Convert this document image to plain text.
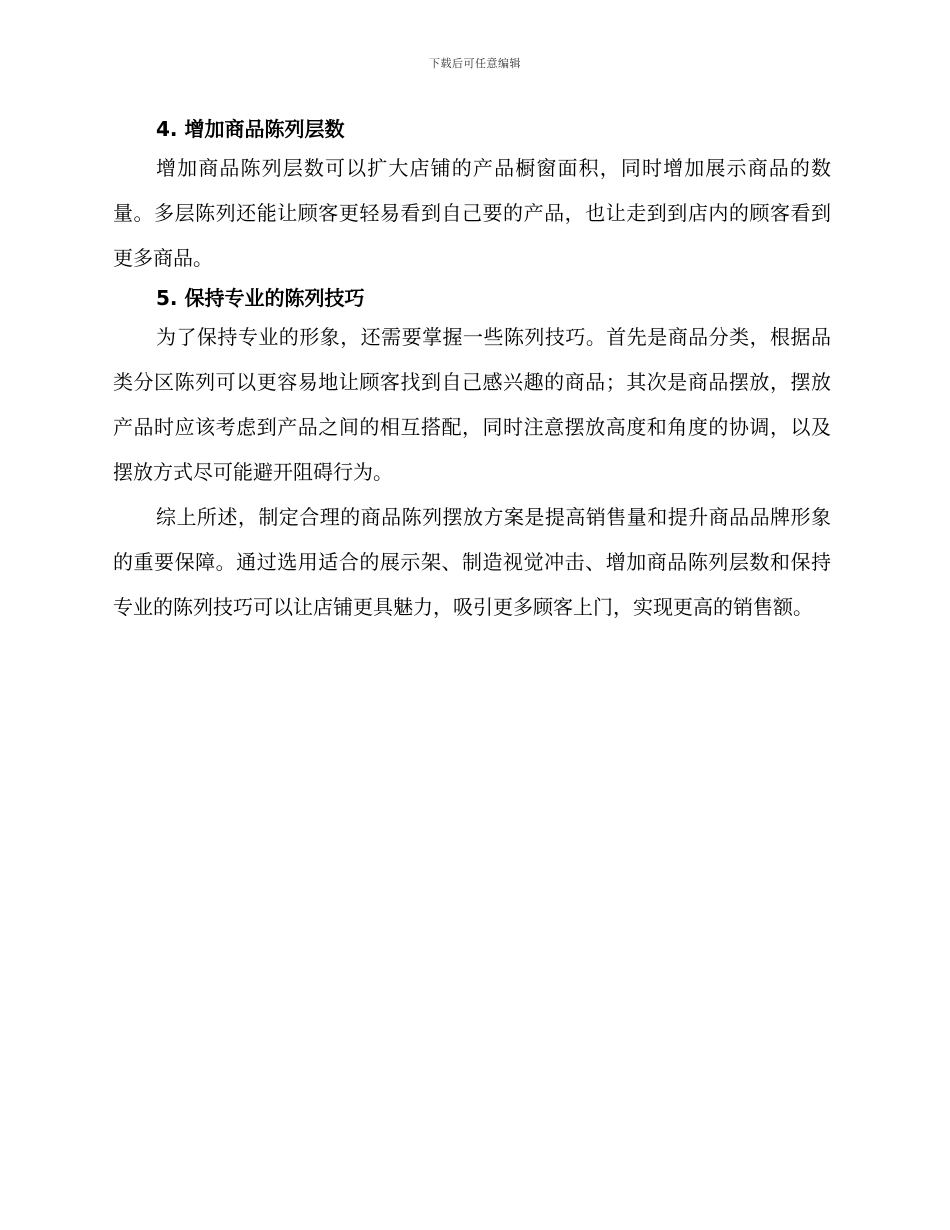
下载后可任意编辑
4. 增加商品陈列层数

增加商品陈列层数可以扩大店铺的产品橱窗面积，同时增加展示商品的数量。多层陈列还能让顾客更轻易看到自己要的产品，也让走到到店内的顾客看到更多商品。

5. 保持专业的陈列技巧

为了保持专业的形象，还需要掌握一些陈列技巧。首先是商品分类，根据品类分区陈列可以更容易地让顾客找到自己感兴趣的商品；其次是商品摆放，摆放产品时应该考虑到产品之间的相互搭配，同时注意摆放高度和角度的协调，以及摆放方式尽可能避开阻碍行为。

综上所述，制定合理的商品陈列摆放方案是提高销售量和提升商品品牌形象的重要保障。通过选用适合的展示架、制造视觉冲击、增加商品陈列层数和保持专业的陈列技巧可以让店铺更具魅力，吸引更多顾客上门，实现更高的销售额。
